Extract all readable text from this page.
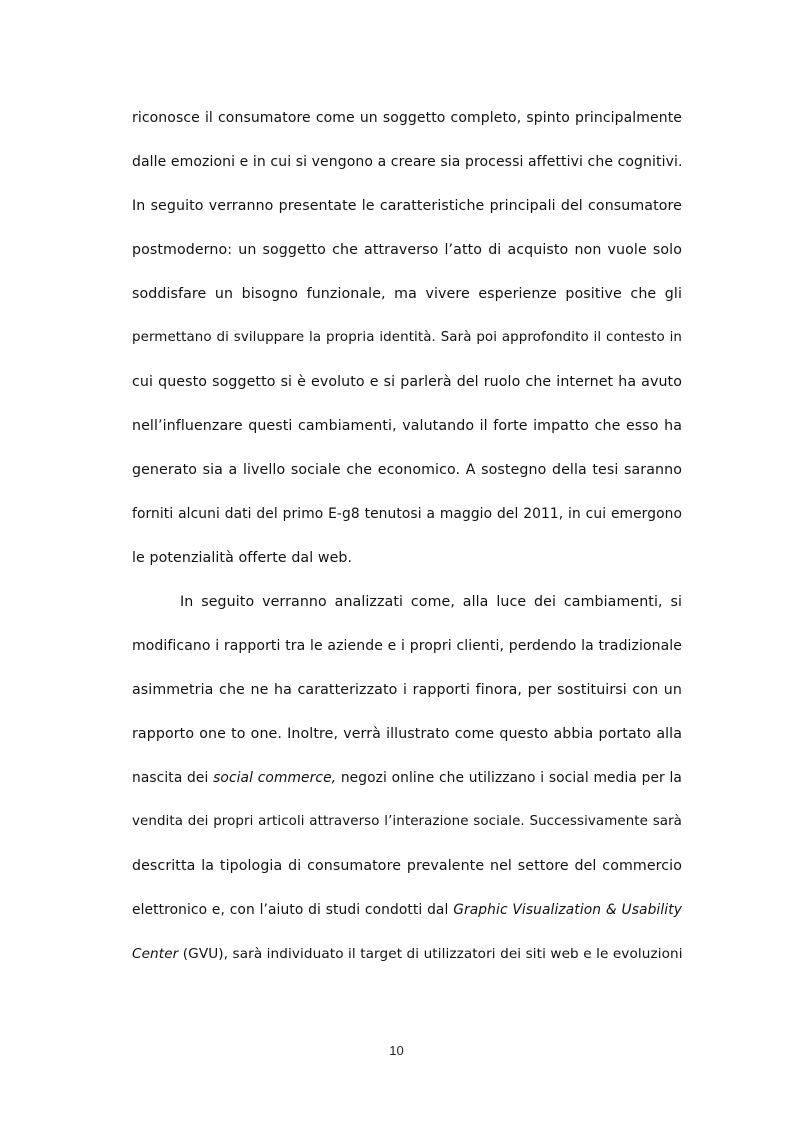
riconosce il consumatore come un soggetto completo, spinto principalmente
dalle emozioni e in cui si vengono a creare sia processi affettivi che cognitivi.
In seguito verranno presentate le caratteristiche principali del consumatore
postmoderno: un soggetto che attraverso l’atto di acquisto non vuole solo
soddisfare un bisogno funzionale, ma vivere esperienze positive che gli
permettano di sviluppare la propria identità. Sarà poi approfondito il contesto in
cui questo soggetto si è evoluto e si parlerà del ruolo che internet ha avuto
nell’influenzare questi cambiamenti, valutando il forte impatto che esso ha
generato sia a livello sociale che economico. A sostegno della tesi saranno
forniti alcuni dati del primo E-g8 tenutosi a maggio del 2011, in cui emergono
le potenzialità offerte dal web.
In seguito verranno analizzati come, alla luce dei cambiamenti, si
modificano i rapporti tra le aziende e i propri clienti, perdendo la tradizionale
asimmetria che ne ha caratterizzato i rapporti finora, per sostituirsi con un
rapporto one to one. Inoltre, verrà illustrato come questo abbia portato alla
nascita dei social commerce, negozi online che utilizzano i social media per la
vendita dei propri articoli attraverso l’interazione sociale. Successivamente sarà
descritta la tipologia di consumatore prevalente nel settore del commercio
elettronico e, con l’aiuto di studi condotti dal Graphic Visualization & Usability
Center (GVU), sarà individuato il target di utilizzatori dei siti web e le evoluzioni
10
